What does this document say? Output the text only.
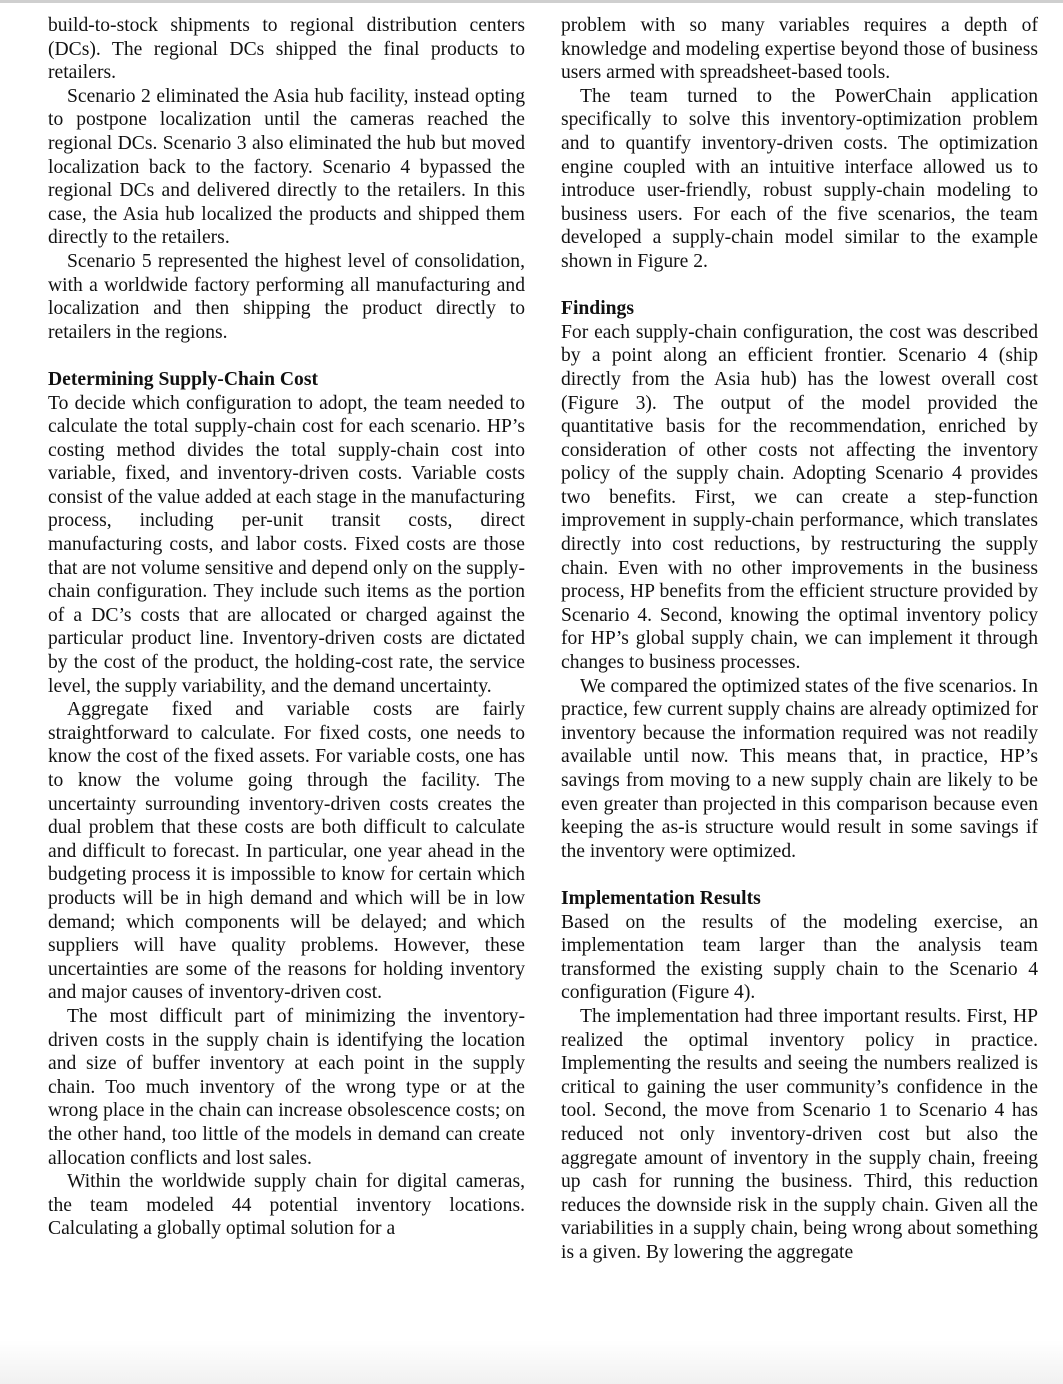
build-to-stock shipments to regional distribution centers (DCs). The regional DCs shipped the final products to retailers.

Scenario 2 eliminated the Asia hub facility, instead opting to postpone localization until the cameras reached the regional DCs. Scenario 3 also eliminated the hub but moved localization back to the factory. Scenario 4 bypassed the regional DCs and delivered directly to the retailers. In this case, the Asia hub localized the products and shipped them directly to the retailers.

Scenario 5 represented the highest level of consolidation, with a worldwide factory performing all manufacturing and localization and then shipping the product directly to retailers in the regions.

Determining Supply-Chain Cost

To decide which configuration to adopt, the team needed to calculate the total supply-chain cost for each scenario. HP’s costing method divides the total supply-chain cost into variable, fixed, and inventory-driven costs. Variable costs consist of the value added at each stage in the manufacturing process, including per-unit transit costs, direct manufacturing costs, and labor costs. Fixed costs are those that are not volume sensitive and depend only on the supply-chain configuration. They include such items as the portion of a DC’s costs that are allocated or charged against the particular product line. Inventory-driven costs are dictated by the cost of the product, the holding-cost rate, the service level, the supply variability, and the demand uncertainty.

Aggregate fixed and variable costs are fairly straightforward to calculate. For fixed costs, one needs to know the cost of the fixed assets. For variable costs, one has to know the volume going through the facility. The uncertainty surrounding inventory-driven costs creates the dual problem that these costs are both difficult to calculate and difficult to forecast. In particular, one year ahead in the budgeting process it is impossible to know for certain which products will be in high demand and which will be in low demand; which components will be delayed; and which suppliers will have quality problems. However, these uncertainties are some of the reasons for holding inventory and major causes of inventory-driven cost.

The most difficult part of minimizing the inventory-driven costs in the supply chain is identifying the location and size of buffer inventory at each point in the supply chain. Too much inventory of the wrong type or at the wrong place in the chain can increase obsolescence costs; on the other hand, too little of the models in demand can create allocation conflicts and lost sales.

Within the worldwide supply chain for digital cameras, the team modeled 44 potential inventory locations. Calculating a globally optimal solution for a

problem with so many variables requires a depth of knowledge and modeling expertise beyond those of business users armed with spreadsheet-based tools.

The team turned to the PowerChain application specifically to solve this inventory-optimization problem and to quantify inventory-driven costs. The optimization engine coupled with an intuitive interface allowed us to introduce user-friendly, robust supply-chain modeling to business users. For each of the five scenarios, the team developed a supply-chain model similar to the example shown in Figure 2.

Findings

For each supply-chain configuration, the cost was described by a point along an efficient frontier. Scenario 4 (ship directly from the Asia hub) has the lowest overall cost (Figure 3). The output of the model provided the quantitative basis for the recommendation, enriched by consideration of other costs not affecting the inventory policy of the supply chain. Adopting Scenario 4 provides two benefits. First, we can create a step-function improvement in supply-chain performance, which translates directly into cost reductions, by restructuring the supply chain. Even with no other improvements in the business process, HP benefits from the efficient structure provided by Scenario 4. Second, knowing the optimal inventory policy for HP’s global supply chain, we can implement it through changes to business processes.

We compared the optimized states of the five scenarios. In practice, few current supply chains are already optimized for inventory because the information required was not readily available until now. This means that, in practice, HP’s savings from moving to a new supply chain are likely to be even greater than projected in this comparison because even keeping the as-is structure would result in some savings if the inventory were optimized.

Implementation Results

Based on the results of the modeling exercise, an implementation team larger than the analysis team transformed the existing supply chain to the Scenario 4 configuration (Figure 4).

The implementation had three important results. First, HP realized the optimal inventory policy in practice. Implementing the results and seeing the numbers realized is critical to gaining the user community’s confidence in the tool. Second, the move from Scenario 1 to Scenario 4 has reduced not only inventory-driven cost but also the aggregate amount of inventory in the supply chain, freeing up cash for running the business. Third, this reduction reduces the downside risk in the supply chain. Given all the variabilities in a supply chain, being wrong about something is a given. By lowering the aggregate
